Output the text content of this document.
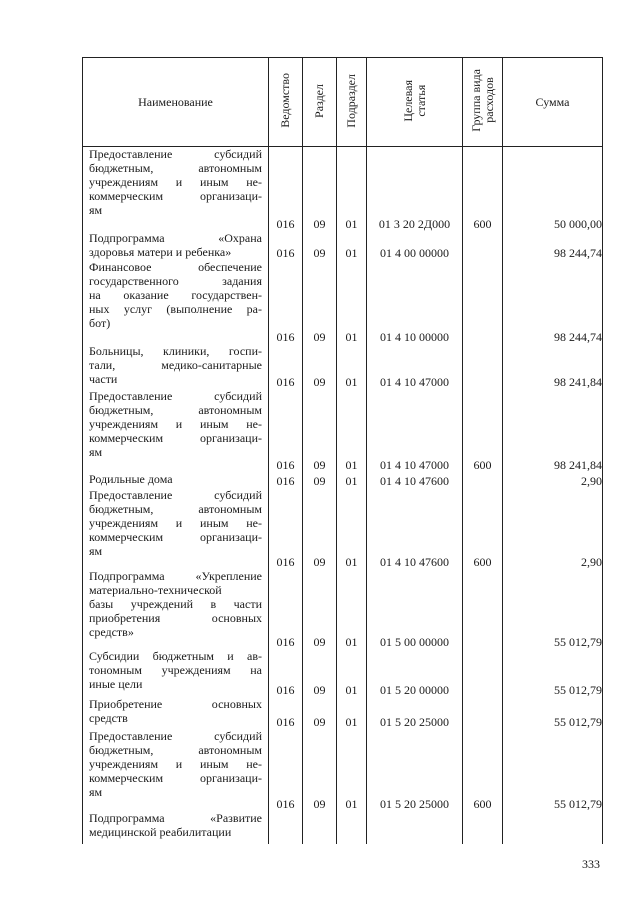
Наименование	Ведомство	Раздел	Подраздел	Целевая
статья	Группа вида
расходов	Сумма

Предоставление субсидий
бюджетным, автономным
учреждениям и иным не-
коммерческим организаци-
ям	016	09	01	01 3 20 2Д000	600	50 000,00

Подпрограмма «Охрана
здоровья матери и ребенка»	016	09	01	01 4 00 00000		98 244,74

Финансовое обеспечение
государственного задания
на оказание государствен-
ных услуг (выполнение ра-
бот)	016	09	01	01 4 10 00000		98 244,74

Больницы, клиники, госпи-
тали, медико-санитарные
части	016	09	01	01 4 10 47000		98 241,84

Предоставление субсидий
бюджетным, автономным
учреждениям и иным не-
коммерческим организаци-
ям	016	09	01	01 4 10 47000	600	98 241,84

Родильные дома	016	09	01	01 4 10 47600		2,90

Предоставление субсидий
бюджетным, автономным
учреждениям и иным не-
коммерческим организаци-
ям	016	09	01	01 4 10 47600	600	2,90

Подпрограмма «Укрепление
материально-технической
базы учреждений в части
приобретения основных
средств»	016	09	01	01 5 00 00000		55 012,79

Субсидии бюджетным и ав-
тономным учреждениям на
иные цели	016	09	01	01 5 20 00000		55 012,79

Приобретение основных
средств	016	09	01	01 5 20 25000		55 012,79

Предоставление субсидий
бюджетным, автономным
учреждениям и иным не-
коммерческим организаци-
ям	016	09	01	01 5 20 25000	600	55 012,79

Подпрограмма «Развитие
медицинской реабилитации						

333
